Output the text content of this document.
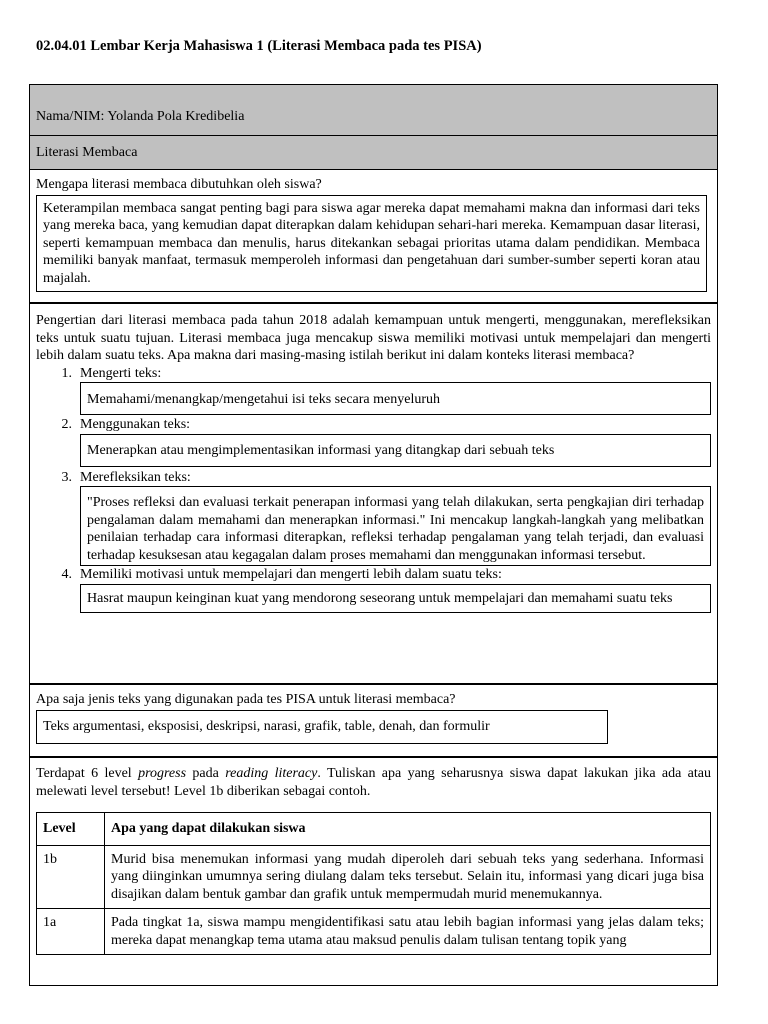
02.04.01 Lembar Kerja Mahasiswa 1 (Literasi Membaca pada tes PISA)
Nama/NIM: Yolanda Pola Kredibelia
Literasi Membaca
Mengapa literasi membaca dibutuhkan oleh siswa?
Keterampilan membaca sangat penting bagi para siswa agar mereka dapat memahami makna dan informasi dari teks yang mereka baca, yang kemudian dapat diterapkan dalam kehidupan sehari-hari mereka. Kemampuan dasar literasi, seperti kemampuan membaca dan menulis, harus ditekankan sebagai prioritas utama dalam pendidikan. Membaca memiliki banyak manfaat, termasuk memperoleh informasi dan pengetahuan dari sumber-sumber seperti koran atau majalah.
Pengertian dari literasi membaca pada tahun 2018 adalah kemampuan untuk mengerti, menggunakan, merefleksikan teks untuk suatu tujuan. Literasi membaca juga mencakup siswa memiliki motivasi untuk mempelajari dan mengerti lebih dalam suatu teks. Apa makna dari masing-masing istilah berikut ini dalam konteks literasi membaca?
1. Mengerti teks:
Memahami/menangkap/mengetahui isi teks secara menyeluruh
2. Menggunakan teks:
Menerapkan atau mengimplementasikan informasi yang ditangkap dari sebuah teks
3. Merefleksikan teks:
"Proses refleksi dan evaluasi terkait penerapan informasi yang telah dilakukan, serta pengkajian diri terhadap pengalaman dalam memahami dan menerapkan informasi." Ini mencakup langkah-langkah yang melibatkan penilaian terhadap cara informasi diterapkan, refleksi terhadap pengalaman yang telah terjadi, dan evaluasi terhadap kesuksesan atau kegagalan dalam proses memahami dan menggunakan informasi tersebut.
4. Memiliki motivasi untuk mempelajari dan mengerti lebih dalam suatu teks:
Hasrat maupun keinginan kuat yang mendorong seseorang untuk mempelajari dan memahami suatu teks
Apa saja jenis teks yang digunakan pada tes PISA untuk literasi membaca?
Teks argumentasi, eksposisi, deskripsi, narasi, grafik, table, denah, dan formulir
Terdapat 6 level progress pada reading literacy. Tuliskan apa yang seharusnya siswa dapat lakukan jika ada atau melewati level tersebut! Level 1b diberikan sebagai contoh.
Level	Apa yang dapat dilakukan siswa
1b	Murid bisa menemukan informasi yang mudah diperoleh dari sebuah teks yang sederhana. Informasi yang diinginkan umumnya sering diulang dalam teks tersebut. Selain itu, informasi yang dicari juga bisa disajikan dalam bentuk gambar dan grafik untuk mempermudah murid menemukannya.
1a	Pada tingkat 1a, siswa mampu mengidentifikasi satu atau lebih bagian informasi yang jelas dalam teks; mereka dapat menangkap tema utama atau maksud penulis dalam tulisan tentang topik yang
